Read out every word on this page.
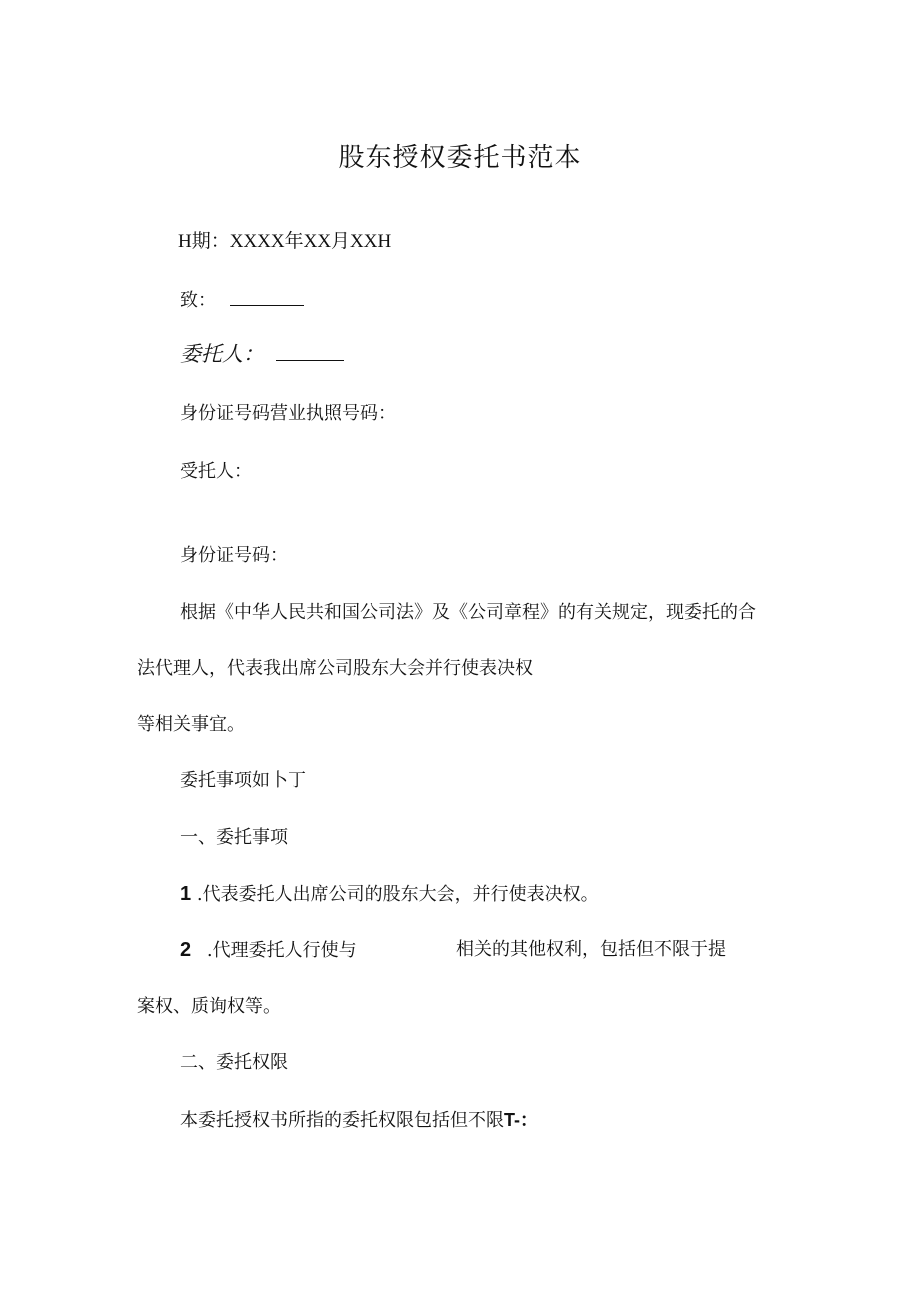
股东授权委托书范本
H期：XXXX年XX月XXH
致：
委托人：
身份证号码营业执照号码：
受托人：
身份证号码：
根据《中华人民共和国公司法》及《公司章程》的有关规定，现委托的合
法代理人，代表我出席公司股东大会并行使表决权
等相关事宜。
委托事项如卜丁
一、委托事项
1 .代表委托人出席公司的股东大会，并行使表决权。
2 .代理委托人行使与	相关的其他权利，包括但不限于提
案权、质询权等。
二、委托权限
本委托授权书所指的委托权限包括但不限T-：
